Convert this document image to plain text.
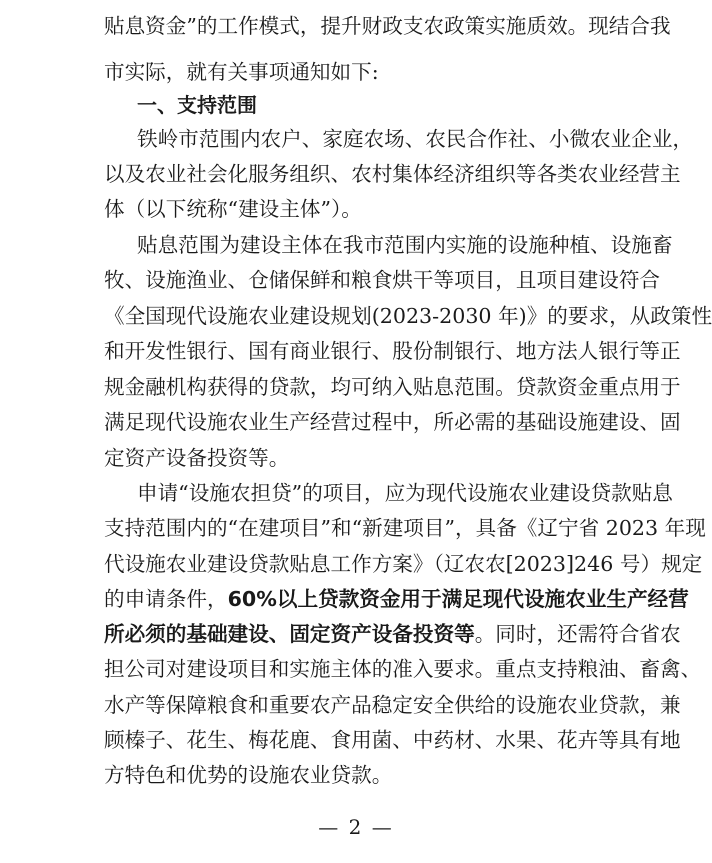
贴息资金”的工作模式，提升财政支农政策实施质效。现结合我
市实际，就有关事项通知如下:
一、支持范围
铁岭市范围内农户、家庭农场、农民合作社、小微农业企业，
以及农业社会化服务组织、农村集体经济组织等各类农业经营主
体（以下统称“建设主体”）。
贴息范围为建设主体在我市范围内实施的设施种植、设施畜
牧、设施渔业、仓储保鲜和粮食烘干等项目，且项目建设符合
《全国现代设施农业建设规划(2023-2030 年)》的要求，从政策性
和开发性银行、国有商业银行、股份制银行、地方法人银行等正
规金融机构获得的贷款，均可纳入贴息范围。贷款资金重点用于
满足现代设施农业生产经营过程中，所必需的基础设施建设、固
定资产设备投资等。
申请“设施农担贷”的项目，应为现代设施农业建设贷款贴息
支持范围内的“在建项目”和“新建项目”，具备《辽宁省 2023 年现
代设施农业建设贷款贴息工作方案》（辽农农[2023]246 号）规定
的申请条件，60%以上贷款资金用于满足现代设施农业生产经营
所必须的基础建设、固定资产设备投资等。同时，还需符合省农
担公司对建设项目和实施主体的准入要求。重点支持粮油、畜禽、
水产等保障粮食和重要农产品稳定安全供给的设施农业贷款，兼
顾榛子、花生、梅花鹿、食用菌、中药材、水果、花卉等具有地
方特色和优势的设施农业贷款。
— 2 —
